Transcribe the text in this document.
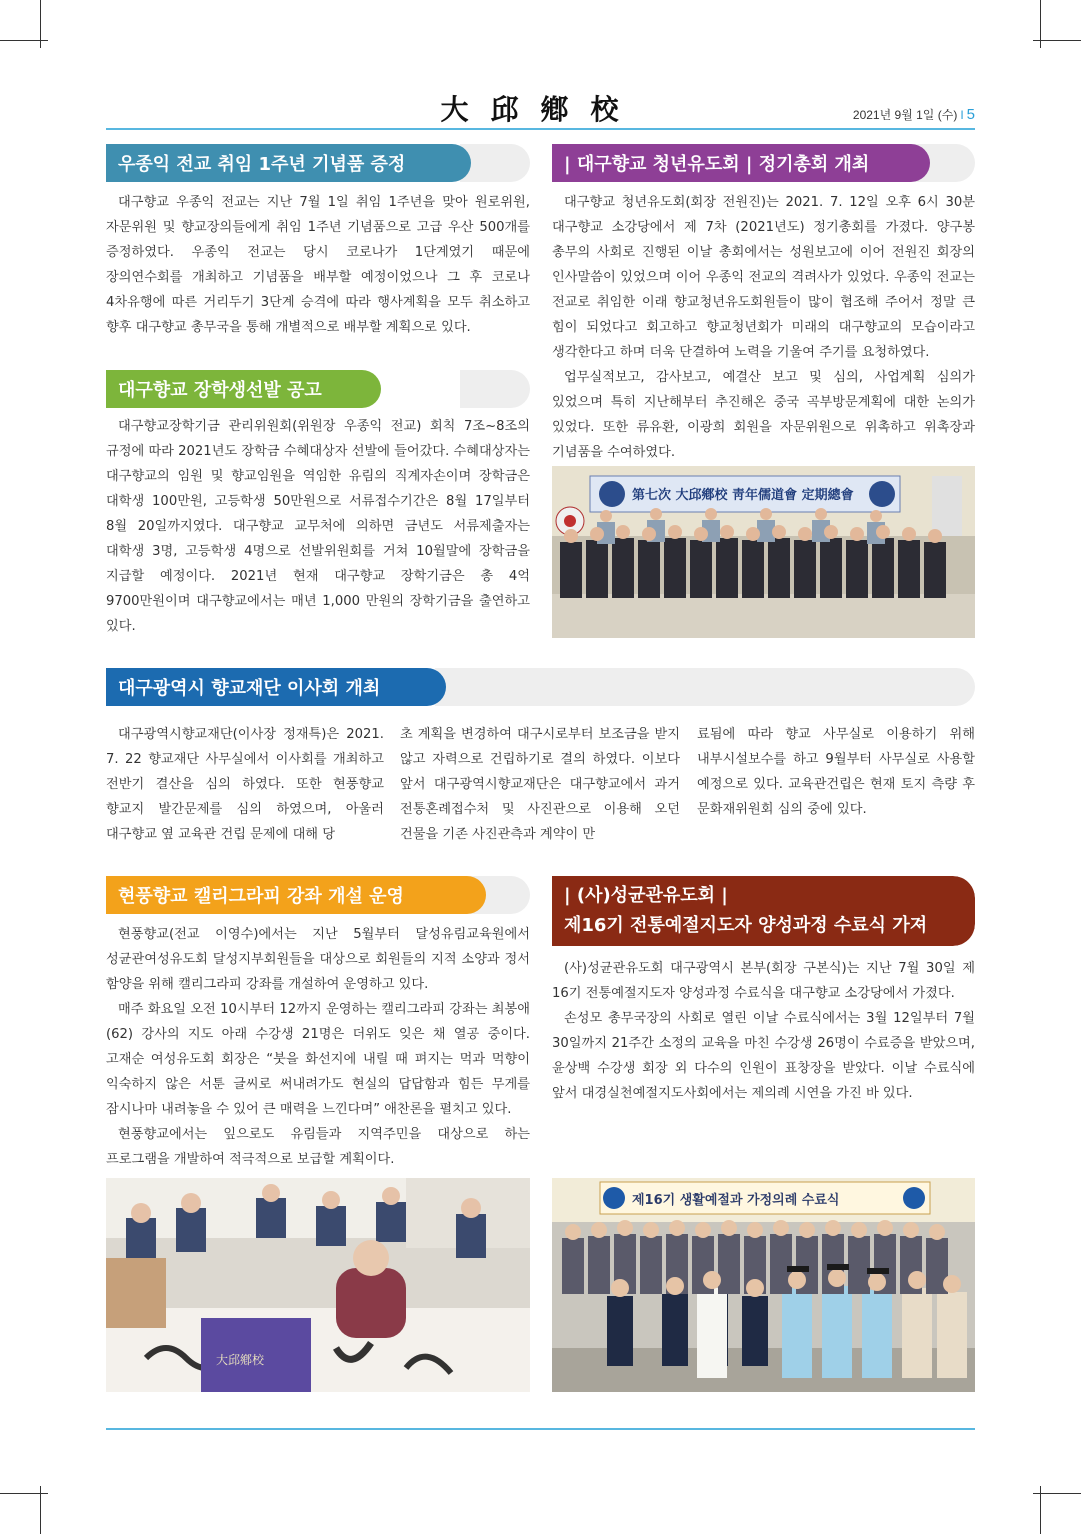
大邱鄕校	2021년 9월 1일 (수) I 5
우종익 전교 취임 1주년 기념품 증정

대구향교 우종익 전교는 지난 7월 1일 취임 1주년을 맞아 원로위원, 자문위원 및 향교장의들에게 취임 1주년 기념품으로 고급 우산 500개를 증정하였다. 우종익 전교는 당시 코로나가 1단계였기 때문에 장의연수회를 개최하고 기념품을 배부할 예정이었으나 그 후 코로나 4차유행에 따른 거리두기 3단계 승격에 따라 행사계획을 모두 취소하고 향후 대구향교 총무국을 통해 개별적으로 배부할 계획으로 있다.

대구향교 장학생선발 공고

대구향교장학기금 관리위원회(위원장 우종익 전교) 회칙 7조~8조의 규정에 따라 2021년도 장학금 수혜대상자 선발에 들어갔다. 수혜대상자는 대구향교의 임원 및 향교임원을 역임한 유림의 직계자손이며 장학금은 대학생 100만원, 고등학생 50만원으로 서류접수기간은 8월 17일부터 8월 20일까지였다. 대구향교 교무처에 의하면 금년도 서류제출자는 대학생 3명, 고등학생 4명으로 선발위원회를 거쳐 10월말에 장학금을 지급할 예정이다. 2021년 현재 대구향교 장학기금은 총 4억 9700만원이며 대구향교에서는 매년 1,000 만원의 장학기금을 출연하고 있다.

| 대구향교 청년유도회 | 정기총회 개최

대구향교 청년유도회(회장 전원진)는 2021. 7. 12일 오후 6시 30분 대구향교 소강당에서 제 7차 (2021년도) 정기총회를 가졌다. 양구봉 총무의 사회로 진행된 이날 총회에서는 성원보고에 이어 전원진 회장의 인사말씀이 있었으며 이어 우종익 전교의 격려사가 있었다. 우종익 전교는 전교로 취임한 이래 향교청년유도회원들이 많이 협조해 주어서 정말 큰 힘이 되었다고 회고하고 향교청년회가 미래의 대구향교의 모습이라고 생각한다고 하며 더욱 단결하여 노력을 기울여 주기를 요청하였다.

업무실적보고, 감사보고, 예결산 보고 및 심의, 사업계획 심의가 있었으며 특히 지난해부터 추진해온 중국 곡부방문계획에 대한 논의가 있었다. 또한 류유환, 이광희 회원을 자문위원으로 위촉하고 위촉장과 기념품을 수여하였다.

第七次 大邱鄕校 靑年儒道會 定期總會
대구광역시 향교재단 이사회 개최

대구광역시향교재단(이사장 정재특)은 2021. 7. 22 향교재단 사무실에서 이사회를 개최하고 전반기 결산을 심의 하였다. 또한 현풍향교 향교지 발간문제를 심의 하였으며, 아울러 대구향교 옆 교육관 건립 문제에 대해 당

초 계획을 변경하여 대구시로부터 보조금을 받지 않고 자력으로 건립하기로 결의 하였다. 이보다 앞서 대구광역시향교재단은 대구향교에서 과거 전통혼례접수처 및 사진관으로 이용해 오던 건물을 기존 사진관측과 계약이 만

료됨에 따라 향교 사무실로 이용하기 위해 내부시설보수를 하고 9월부터 사무실로 사용할 예정으로 있다. 교육관건립은 현재 토지 측량 후 문화재위원회 심의 중에 있다.

현풍향교 캘리그라피 강좌 개설 운영

현풍향교(전교 이영수)에서는 지난 5월부터 달성유림교육원에서 성균관여성유도회 달성지부회원들을 대상으로 회원들의 지적 소양과 정서 함양을 위해 캘리그라피 강좌를 개설하여 운영하고 있다.

매주 화요일 오전 10시부터 12까지 운영하는 캘리그라피 강좌는 최봉애(62) 강사의 지도 아래 수강생 21명은 더위도 잊은 채 열공 중이다. 고재순 여성유도회 회장은 “붓을 화선지에 내릴 때 펴지는 먹과 먹향이 익숙하지 않은 서툰 글씨로 써내려가도 현실의 답답함과 힘든 무게를 잠시나마 내려놓을 수 있어 큰 매력을 느낀다며” 애찬론을 펼치고 있다.

현풍향교에서는 잎으로도 유림들과 지역주민을 대상으로 하는 프로그램을 개발하여 적극적으로 보급할 계획이다.

大邱鄕校
| (사)성균관유도회 |
제16기 전통예절지도자 양성과정 수료식 가져

(사)성균관유도회 대구광역시 본부(회장 구본식)는 지난 7월 30일 제 16기 전통예절지도자 양성과정 수료식을 대구향교 소강당에서 가졌다.

손성모 총무국장의 사회로 열린 이날 수료식에서는 3월 12일부터 7월 30일까지 21주간 소정의 교육을 마친 수강생 26명이 수료증을 받았으며, 윤상백 수강생 회장 외 다수의 인원이 표창장을 받았다. 이날 수료식에 앞서 대경실천예절지도사회에서는 제의례 시연을 가진 바 있다.

제16기 생활예절과 가정의례 수료식
